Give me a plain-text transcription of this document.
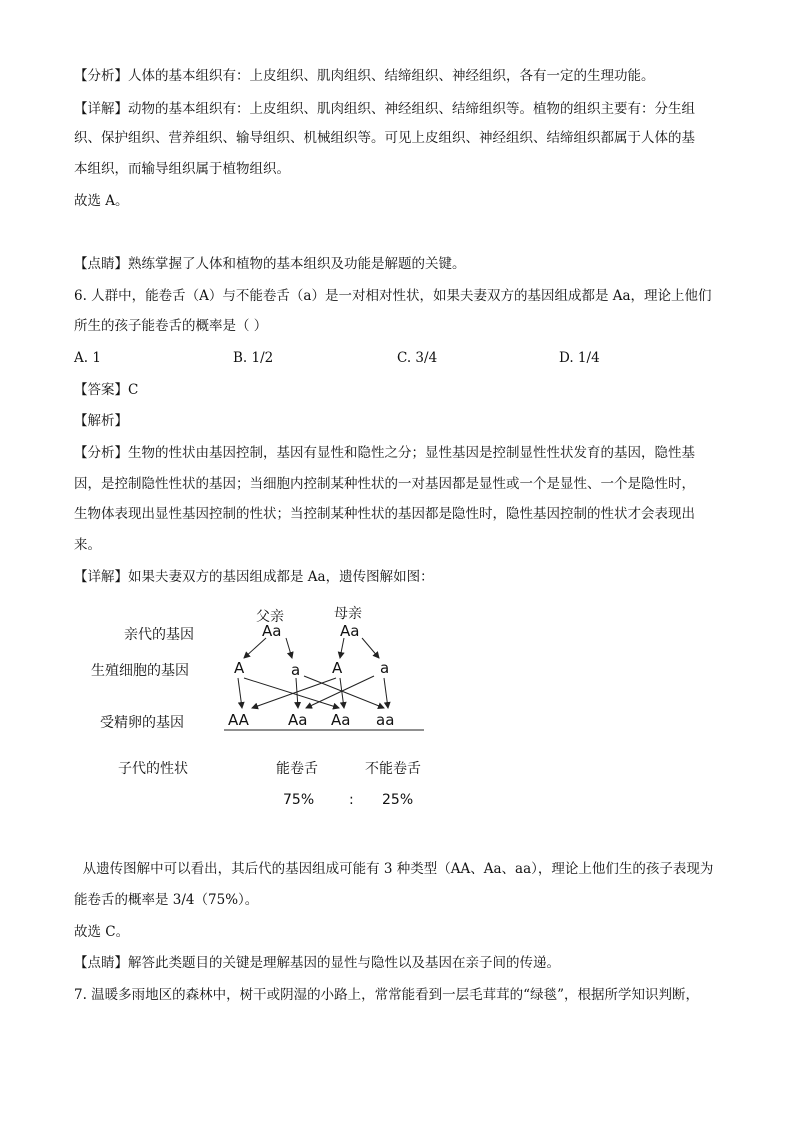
【分析】人体的基本组织有：上皮组织、肌肉组织、结缔组织、神经组织，各有一定的生理功能。
【详解】动物的基本组织有：上皮组织、肌肉组织、神经组织、结缔组织等。植物的组织主要有：分生组
织、保护组织、营养组织、输导组织、机械组织等。可见上皮组织、神经组织、结缔组织都属于人体的基
本组织，而输导组织属于植物组织。
故选 A。
【点睛】熟练掌握了人体和植物的基本组织及功能是解题的关键。
6. 人群中，能卷舌（A）与不能卷舌（a）是一对相对性状，如果夫妻双方的基因组成都是 Aa，理论上他们
所生的孩子能卷舌的概率是（ ）
A. 1	B. 1/2	C. 3/4	D. 1/4
【答案】C
【解析】
【分析】生物的性状由基因控制，基因有显性和隐性之分；显性基因是控制显性性状发育的基因，隐性基
因，是控制隐性性状的基因；当细胞内控制某种性状的一对基因都是显性或一个是显性、一个是隐性时，
生物体表现出显性基因控制的性状；当控制某种性状的基因都是隐性时，隐性基因控制的性状才会表现出
来。
【详解】如果夫妻双方的基因组成都是 Aa，遗传图解如图：
亲代的基因
生殖细胞的基因
受精卵的基因
子代的性状
父亲	母亲
Aa	Aa
A	a A	a
AA	Aa Aa aa
能卷舌	不能卷舌
75% : 25%
从遗传图解中可以看出，其后代的基因组成可能有 3 种类型（AA、Aa、aa），理论上他们生的孩子表现为
能卷舌的概率是 3/4（75%）。
故选 C。
【点睛】解答此类题目的关键是理解基因的显性与隐性以及基因在亲子间的传递。
7. 温暖多雨地区的森林中，树干或阴湿的小路上，常常能看到一层毛茸茸的“绿毯”，根据所学知识判断，
